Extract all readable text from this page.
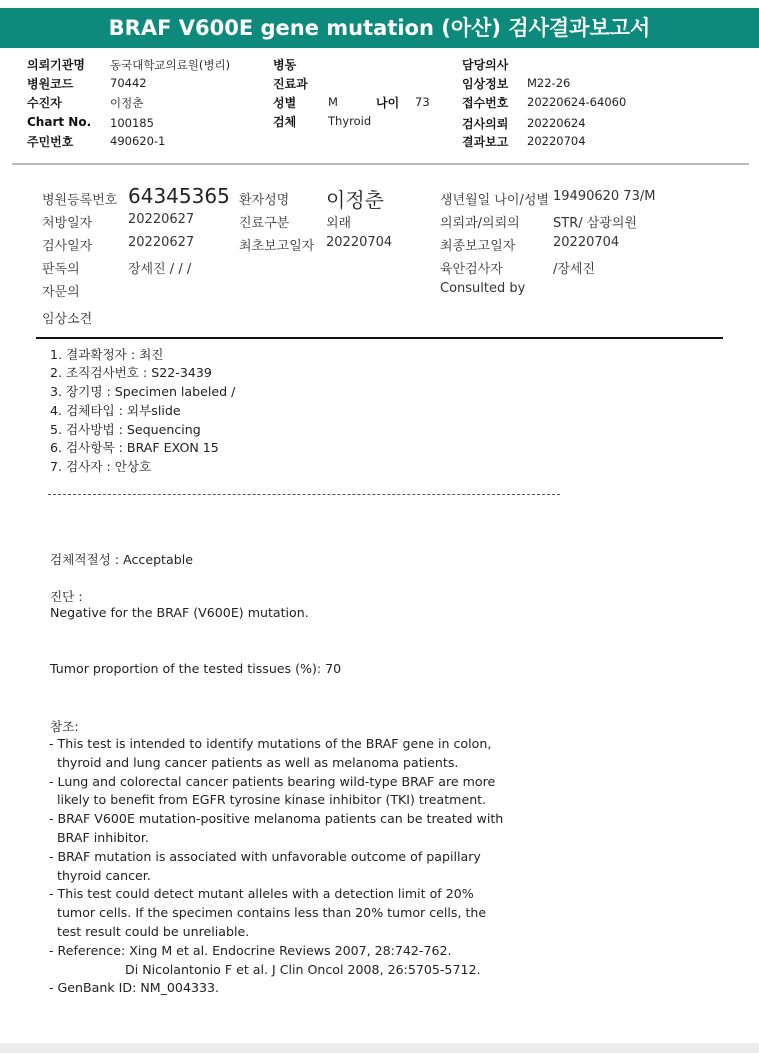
BRAF V600E gene mutation (아산) 검사결과보고서
의뢰기관명 동국대학교의료원(병리)
병원코드	70442
수진자	이정춘
Chart No. 100185
주민번호	490620-1
병동
진료과
성별	M	나이 73
검체	Thyroid
담당의사
임상정보 M22-26
접수번호 20220624-64060
검사의뢰 20220624
결과보고 20220704
병원등록번호 64345365 환자성명 이정춘	생년월일 나이/성별 19490620 73/M
처방일자	20220627	진료구분	외래	의뢰과/의뢰의	STR/ 삼광의원
검사일자	20220627	최초보고일자 20220704	최종보고일자	20220704
판독의	장세진 / / /	육안검사자	/장세진
자문의	Consulted by
임상소견
1. 결과확정자 : 최진
2. 조직검사번호 : S22-3439
3. 장기명 : Specimen labeled /
4. 검체타입 : 외부slide
5. 검사방법 : Sequencing
6. 검사항목 : BRAF EXON 15
7. 검사자 : 안상호
검체적절성 : Acceptable
진단 :
Negative for the BRAF (V600E) mutation.
Tumor proportion of the tested tissues (%): 70
참조:
- This test is intended to identify mutations of the BRAF gene in colon,
thyroid and lung cancer patients as well as melanoma patients.
- Lung and colorectal cancer patients bearing wild-type BRAF are more
likely to benefit from EGFR tyrosine kinase inhibitor (TKI) treatment.
- BRAF V600E mutation-positive melanoma patients can be treated with
BRAF inhibitor.
- BRAF mutation is associated with unfavorable outcome of papillary
thyroid cancer.
- This test could detect mutant alleles with a detection limit of 20%
tumor cells. If the specimen contains less than 20% tumor cells, the
test result could be unreliable.
- Reference: Xing M et al. Endocrine Reviews 2007, 28:742-762.
Di Nicolantonio F et al. J Clin Oncol 2008, 26:5705-5712.
- GenBank ID: NM_004333.
